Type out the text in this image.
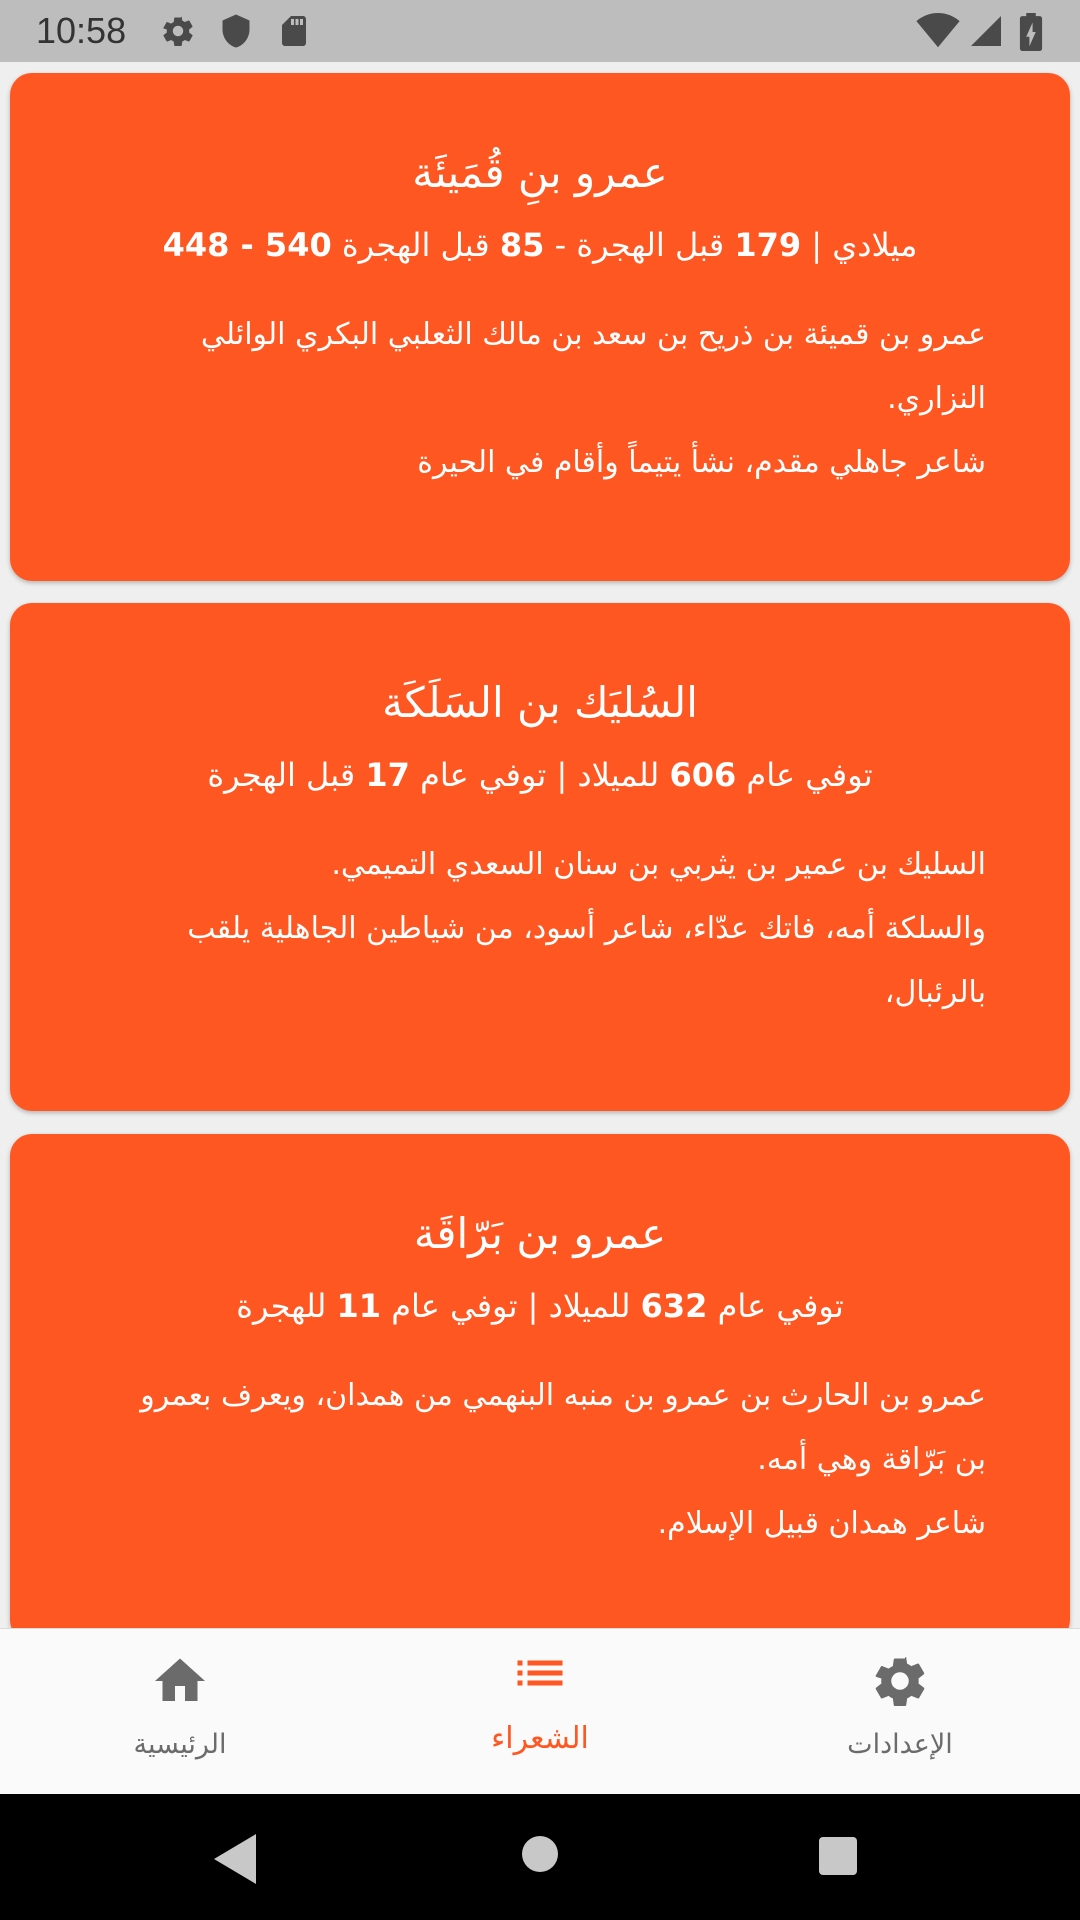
10:58
عمرو بنِ قُمَيئَة
ميلادي | 179 قبل الهجرة - 85 قبل الهجرة 540 - 448
عمرو بن قميئة بن ذريح بن سعد بن مالك الثعلبي البكري الوائلي
النزاري.
شاعر جاهلي مقدم، نشأ يتيماً وأقام في الحيرة
السُليَك بن السَلَكَة
توفي عام 606 للميلاد | توفي عام 17 قبل الهجرة
السليك بن عمير بن يثربي بن سنان السعدي التميمي.
والسلكة أمه، فاتك عدّاء، شاعر أسود، من شياطين الجاهلية يلقب
بالرئبال،
عمرو بن بَرّاقَة
توفي عام 632 للميلاد | توفي عام 11 للهجرة
عمرو بن الحارث بن عمرو بن منبه البنهمي من همدان، ويعرف بعمرو
بن بَرّاقة وهي أمه.
شاعر همدان قبيل الإسلام.
الرئيسية	الشعراء	الإعدادات
